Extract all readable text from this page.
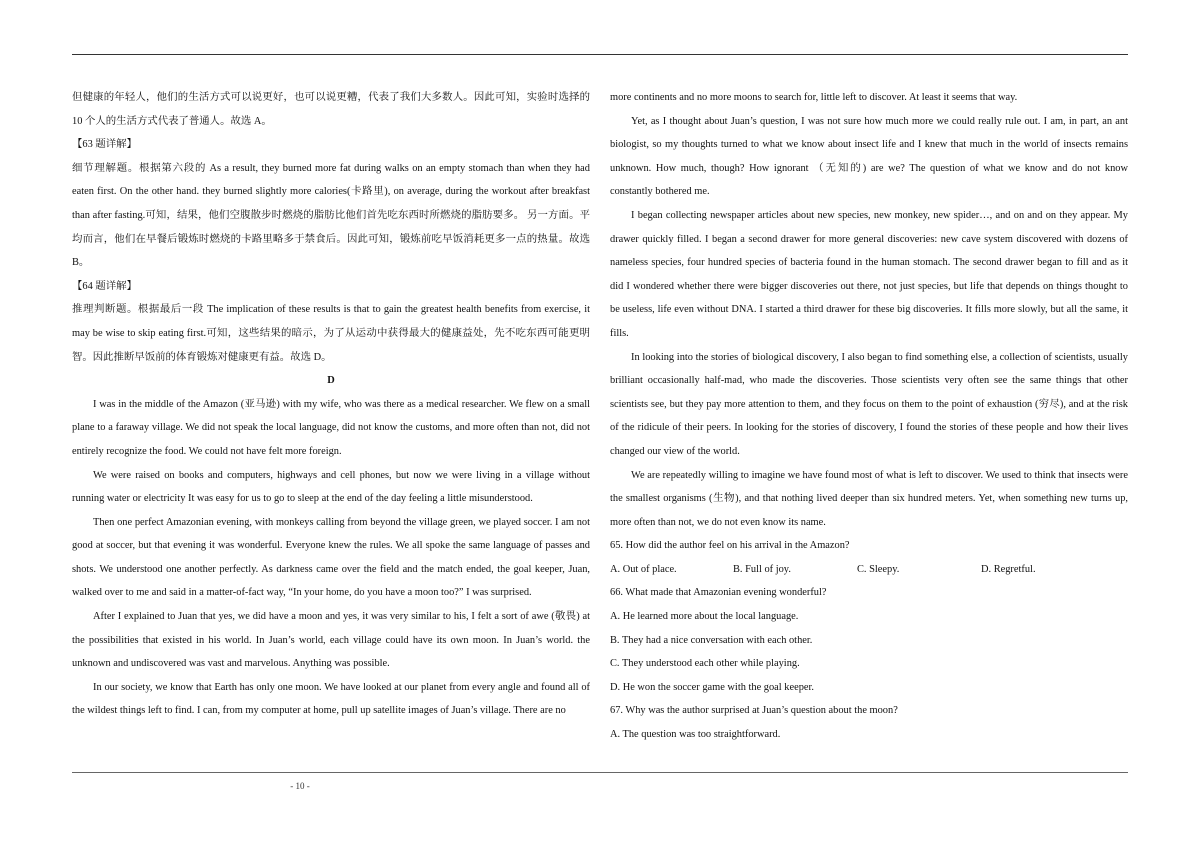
但健康的年轻人，他们的生活方式可以说更好，也可以说更糟，代表了我们大多数人。因此可知，实验时选择的 10 个人的生活方式代表了普通人。故选 A。

【63 题详解】

细节理解题。根据第六段的 As a result, they burned more fat during walks on an empty stomach than when they had eaten first. On the other hand. they burned slightly more calories(卡路里), on average, during the workout after breakfast than after fasting.可知，结果，他们空腹散步时燃烧的脂肪比他们首先吃东西时所燃烧的脂肪要多。 另一方面。平均而言，他们在早餐后锻炼时燃烧的卡路里略多于禁食后。因此可知，锻炼前吃早饭消耗更多一点的热量。故选 B。

【64 题详解】

推理判断题。根据最后一段 The implication of these results is that to gain the greatest health benefits from exercise, it may be wise to skip eating first.可知，这些结果的暗示，为了从运动中获得最大的健康益处，先不吃东西可能更明智。因此推断早饭前的体育锻炼对健康更有益。故选 D。

D

I was in the middle of the Amazon (亚马逊) with my wife, who was there as a medical researcher. We flew on a small plane to a faraway village. We did not speak the local language, did not know the customs, and more often than not, did not entirely recognize the food. We could not have felt more foreign.

We were raised on books and computers, highways and cell phones, but now we were living in a village without running water or electricity It was easy for us to go to sleep at the end of the day feeling a little misunderstood.

Then one perfect Amazonian evening, with monkeys calling from beyond the village green, we played soccer. I am not good at soccer, but that evening it was wonderful. Everyone knew the rules. We all spoke the same language of passes and shots. We understood one another perfectly. As darkness came over the field and the match ended, the goal keeper, Juan, walked over to me and said in a matter-of-fact way, “In your home, do you have a moon too?” I was surprised.

After I explained to Juan that yes, we did have a moon and yes, it was very similar to his, I felt a sort of awe (敬畏) at the possibilities that existed in his world. In Juan’s world, each village could have its own moon. In Juan’s world. the unknown and undiscovered was vast and marvelous. Anything was possible.

In our society, we know that Earth has only one moon. We have looked at our planet from every angle and found all of the wildest things left to find. I can, from my computer at home, pull up satellite images of Juan’s village. There are no

more continents and no more moons to search for, little left to discover. At least it seems that way.

Yet, as I thought about Juan’s question, I was not sure how much more we could really rule out. I am, in part, an ant biologist, so my thoughts turned to what we know about insect life and I knew that much in the world of insects remains unknown. How much, though? How ignorant （无知的) are we? The question of what we know and do not know constantly bothered me.

I began collecting newspaper articles about new species, new monkey, new spider…, and on and on they appear. My drawer quickly filled. I began a second drawer for more general discoveries: new cave system discovered with dozens of nameless species, four hundred species of bacteria found in the human stomach. The second drawer began to fill and as it did I wondered whether there were bigger discoveries out there, not just species, but life that depends on things thought to be useless, life even without DNA. I started a third drawer for these big discoveries. It fills more slowly, but all the same, it fills.

In looking into the stories of biological discovery, I also began to find something else, a collection of scientists, usually brilliant occasionally half-mad, who made the discoveries. Those scientists very often see the same things that other scientists see, but they pay more attention to them, and they focus on them to the point of exhaustion (穷尽), and at the risk of the ridicule of their peers. In looking for the stories of discovery, I found the stories of these people and how their lives changed our view of the world.

We are repeatedly willing to imagine we have found most of what is left to discover. We used to think that insects were the smallest organisms (生物), and that nothing lived deeper than six hundred meters. Yet, when something new turns up, more often than not, we do not even know its name.

65. How did the author feel on his arrival in the Amazon?

A. Out of place.	B. Full of joy.	C. Sleepy.	D. Regretful.

66. What made that Amazonian evening wonderful?

A. He learned more about the local language.

B. They had a nice conversation with each other.

C. They understood each other while playing.

D. He won the soccer game with the goal keeper.

67. Why was the author surprised at Juan’s question about the moon?

A. The question was too straightforward.

- 10 -
